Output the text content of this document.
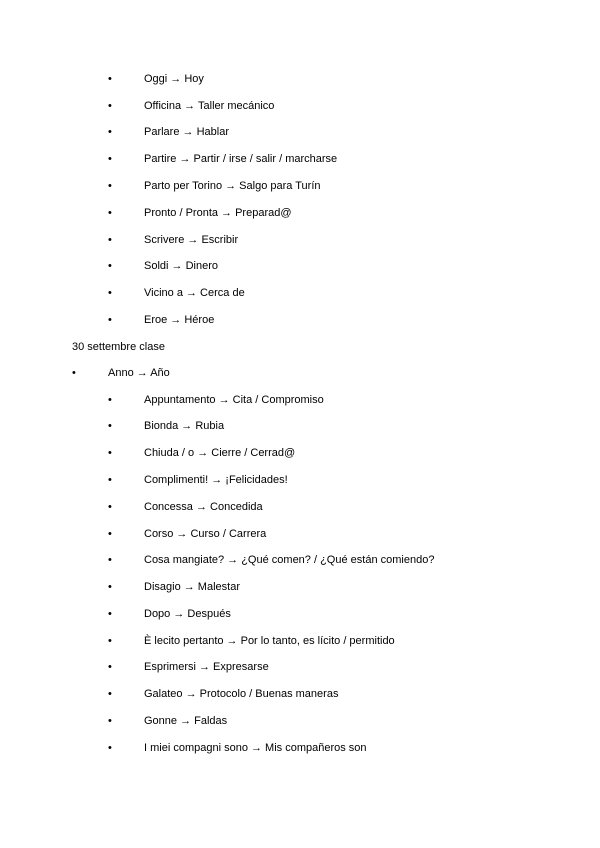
•	Oggi → Hoy
•	Officina → Taller mecánico
•	Parlare → Hablar
•	Partire → Partir / irse / salir / marcharse
•	Parto per Torino → Salgo para Turín
•	Pronto / Pronta → Preparad@
•	Scrivere → Escribir
•	Soldi → Dinero
•	Vicino a → Cerca de
•	Eroe → Héroe
30 settembre clase
•	Anno → Año
•	Appuntamento → Cita / Compromiso
•	Bionda → Rubia
•	Chiuda / o → Cierre / Cerrad@
•	Complimenti! → ¡Felicidades!
•	Concessa → Concedida
•	Corso → Curso / Carrera
•	Cosa mangiate? → ¿Qué comen? / ¿Qué están comiendo?
•	Disagio → Malestar
•	Dopo → Después
•	È lecito pertanto → Por lo tanto, es lícito / permitido
•	Esprimersi → Expresarse
•	Galateo → Protocolo / Buenas maneras
•	Gonne → Faldas
•	I miei compagni sono → Mis compañeros son
